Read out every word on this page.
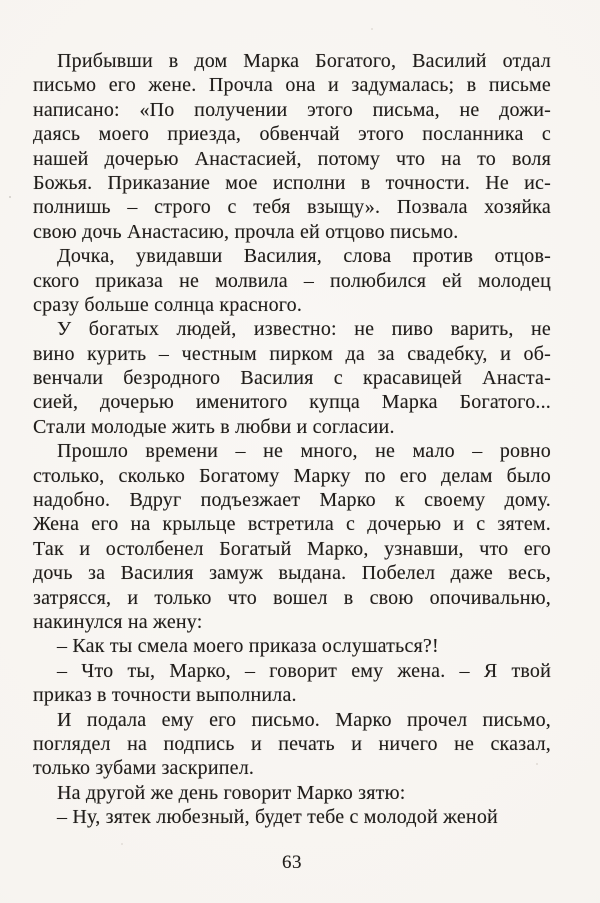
Прибывши в дом Марка Богатого, Василий отдал
письмо его жене. Прочла она и задумалась; в письме
написано: «По получении этого письма, не дожи-
даясь моего приезда, обвенчай этого посланника с
нашей дочерью Анастасией, потому что на то воля
Божья. Приказание мое исполни в точности. Не ис-
полнишь – строго с тебя взыщу». Позвала хозяйка
свою дочь Анастасию, прочла ей отцово письмо.
Дочка, увидавши Василия, слова против отцов-
ского приказа не молвила – полюбился ей молодец
сразу больше солнца красного.
У богатых людей, известно: не пиво варить, не
вино курить – честным пирком да за свадебку, и об-
венчали безродного Василия с красавицей Анаста-
сией, дочерью именитого купца Марка Богатого...
Стали молодые жить в любви и согласии.
Прошло времени – не много, не мало – ровно
столько, сколько Богатому Марку по его делам было
надобно. Вдруг подъезжает Марко к своему дому.
Жена его на крыльце встретила с дочерью и с зятем.
Так и остолбенел Богатый Марко, узнавши, что его
дочь за Василия замуж выдана. Побелел даже весь,
затрясся, и только что вошел в свою опочивальню,
накинулся на жену:
– Как ты смела моего приказа ослушаться?!
– Что ты, Марко, – говорит ему жена. – Я твой
приказ в точности выполнила.
И подала ему его письмо. Марко прочел письмо,
поглядел на подпись и печать и ничего не сказал,
только зубами заскрипел.
На другой же день говорит Марко зятю:
– Ну, зятек любезный, будет тебе с молодой женой
63
